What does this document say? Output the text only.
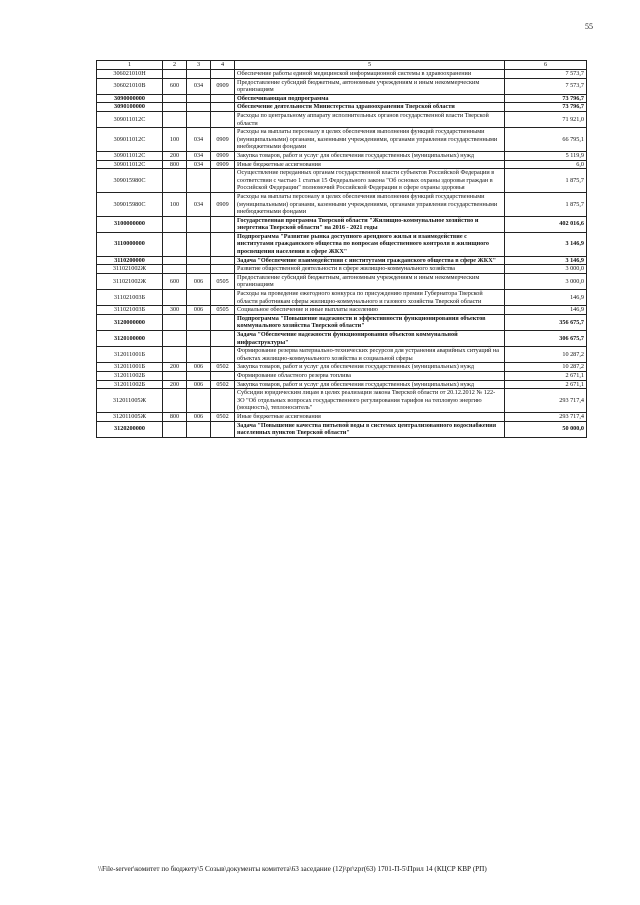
55
1	2	3	4	5	6
306021010Н				Обеспечение работы единой медицинской информационной системы в здравоохранении	7 573,7
306021010В	600	034	0909	Предоставление субсидий бюджетным, автономным учреждениям и иным некоммерческим организациям	7 573,7
3090000000				Обеспечивающая подпрограмма	73 796,7
3090100000				Обеспечение деятельности Министерства здравоохранения Тверской области	73 796,7
309011012С				Расходы по центральному аппарату исполнительных органов государственной власти Тверской области	71 921,0
309011012С	100	034	0909	Расходы на выплаты персоналу в целях обеспечения выполнения функций государственными (муниципальными) органами, казенными учреждениями, органами управления государственными внебюджетными фондами	66 795,1
309011012С	200	034	0909	Закупка товаров, работ и услуг для обеспечения государственных (муниципальных) нужд	5 119,9
309011012С	800	034	0909	Иные бюджетные ассигнования	6,0
309015980С				Осуществление переданных органам государственной власти субъектов Российской Федерации в соответствии с частью 1 статьи 15 Федерального закона "Об основах охраны здоровья граждан в Российской Федерации" полномочий Российской Федерации в сфере охраны здоровья	1 875,7
309015980С	100	034	0909	Расходы на выплаты персоналу в целях обеспечения выполнения функций государственными (муниципальными) органами, казенными учреждениями, органами управления государственными внебюджетными фондами	1 875,7
3100000000				Государственная программа Тверской области "Жилищно-коммунальное хозяйство и энергетика Тверской области" на 2016 - 2021 годы	402 016,6
3110000000				Подпрограмма "Развитие рынка доступного арендного жилья и взаимодействие с институтами гражданского общества по вопросам общественного контроля в жилищного просвещения населения в сфере ЖКХ"	3 146,9
3110200000				Задача "Обеспечение взаимодействия с институтами гражданского общества в сфере ЖКХ"	3 146,9
311021002Ж				Развитие общественной деятельности в сфере жилищно-коммунального хозяйства	3 000,0
311021002Ж	600	006	0505	Предоставление субсидий бюджетным, автономным учреждениям и иным некоммерческим организациям	3 000,0
311021003Б				Расходы на проведение ежегодного конкурса по присуждению премии Губернатора Тверской области работникам сферы жилищно-коммунального и газового хозяйства Тверской области	146,9
311021003Б	300	006	0505	Социальное обеспечение и иные выплаты населению	146,9
3120000000				Подпрограмма "Повышение надежности и эффективности функционирования объектов коммунального хозяйства Тверской области"	356 675,7
3120100000				Задача "Обеспечение надежности функционирования объектов коммунальной инфраструктуры"	306 675,7
312011001Б				Формирование резерва материально-технических ресурсов для устранения аварийных ситуаций на объектах жилищно-коммунального хозяйства и социальной сферы	10 287,2
312011001Б	200	006	0502	Закупка товаров, работ и услуг для обеспечения государственных (муниципальных) нужд	10 287,2
312011002Б				Формирование областного резерва топлива	2 671,1
312011002Б	200	006	0502	Закупка товаров, работ и услуг для обеспечения государственных (муниципальных) нужд	2 671,1
312011005Ж				Субсидии юридическим лицам в целях реализации закона Тверской области от 20.12.2012 № 122-ЗО "Об отдельных вопросах государственного регулирования тарифов на тепловую энергию (мощность), теплоноситель"	293 717,4
312011005Ж	800	006	0502	Иные бюджетные ассигнования	293 717,4
3120200000				Задача "Повышение качества питьевой воды в системах централизованного водоснабжения населенных пунктов Тверской области"	50 000,0
\\File-server\комитет по бюджету\5 Созыв\документы комитета\63 заседание (12)\pr\zpr(63) 1701-П-5\Прил 14 (КЦСР КВР (РП)
